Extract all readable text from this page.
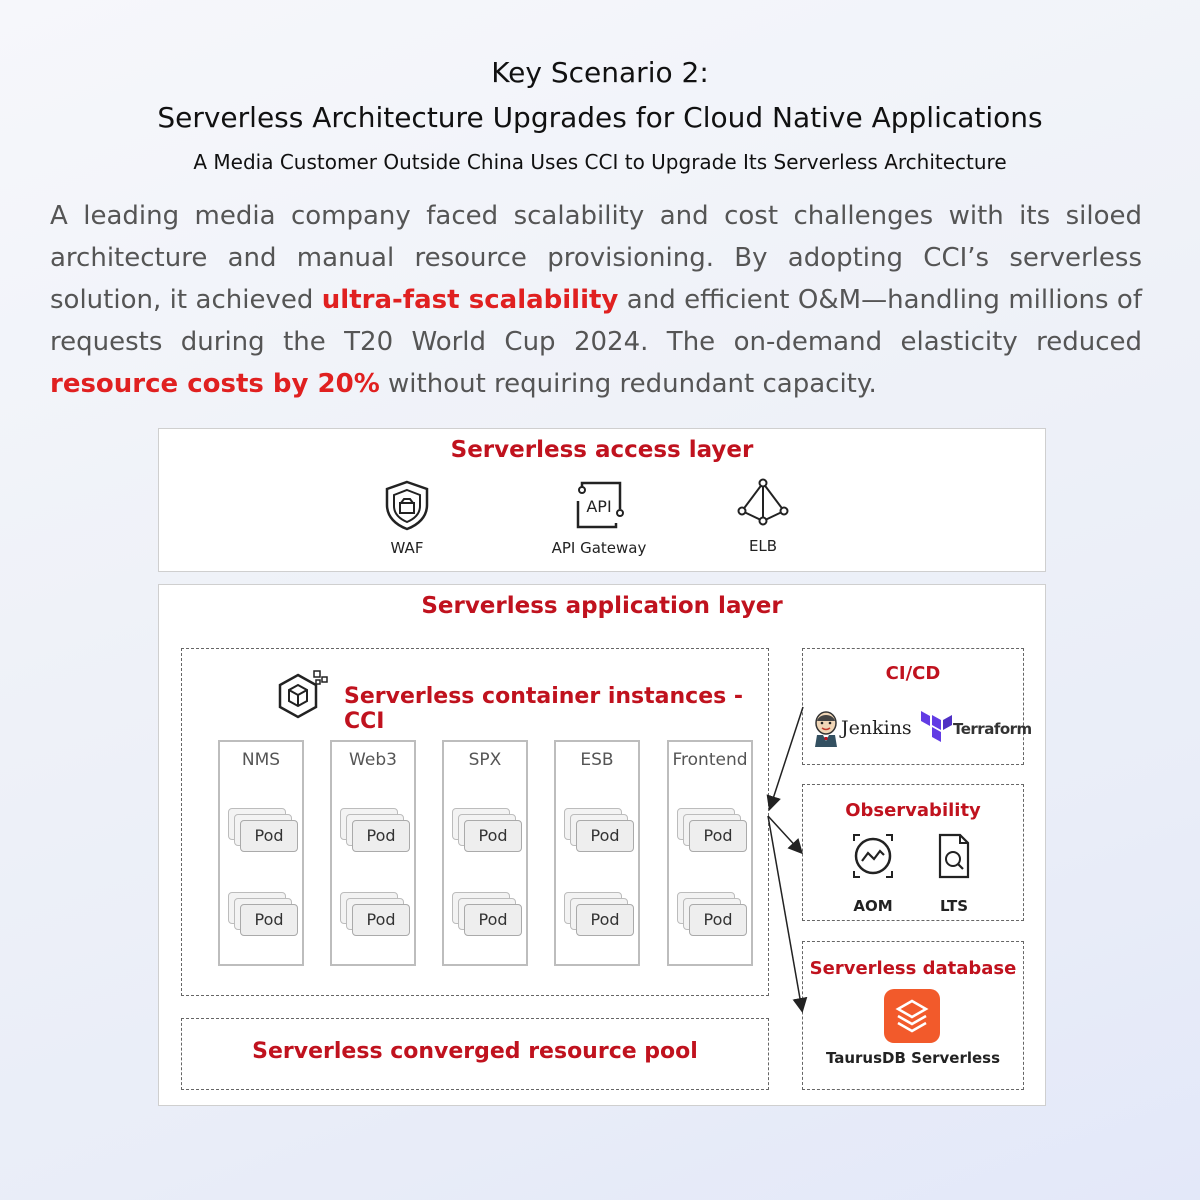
Key Scenario 2:
Serverless Architecture Upgrades for Cloud Native Applications
A Media Customer Outside China Uses CCI to Upgrade Its Serverless Architecture
A leading media company faced scalability and cost challenges with its siloed architecture and manual resource provisioning. By adopting CCI’s serverless solution, it achieved ultra-fast scalability and efficient O&M—handling millions of requests during the T20 World Cup 2024. The on-demand elasticity reduced resource costs by 20% without requiring redundant capacity.
Serverless access layer
WAF
API
API Gateway	ELB
Serverless application layer
Serverless container instances - CCI
NMS
Pod
Pod
Web3
Pod
Pod
SPX
Pod
Pod
ESB
Pod
Pod
Frontend
Pod
Pod
Serverless converged resource pool
CI/CD
Jenkins	Terraform
Observability
AOM	LTS
Serverless database
TaurusDB Serverless
